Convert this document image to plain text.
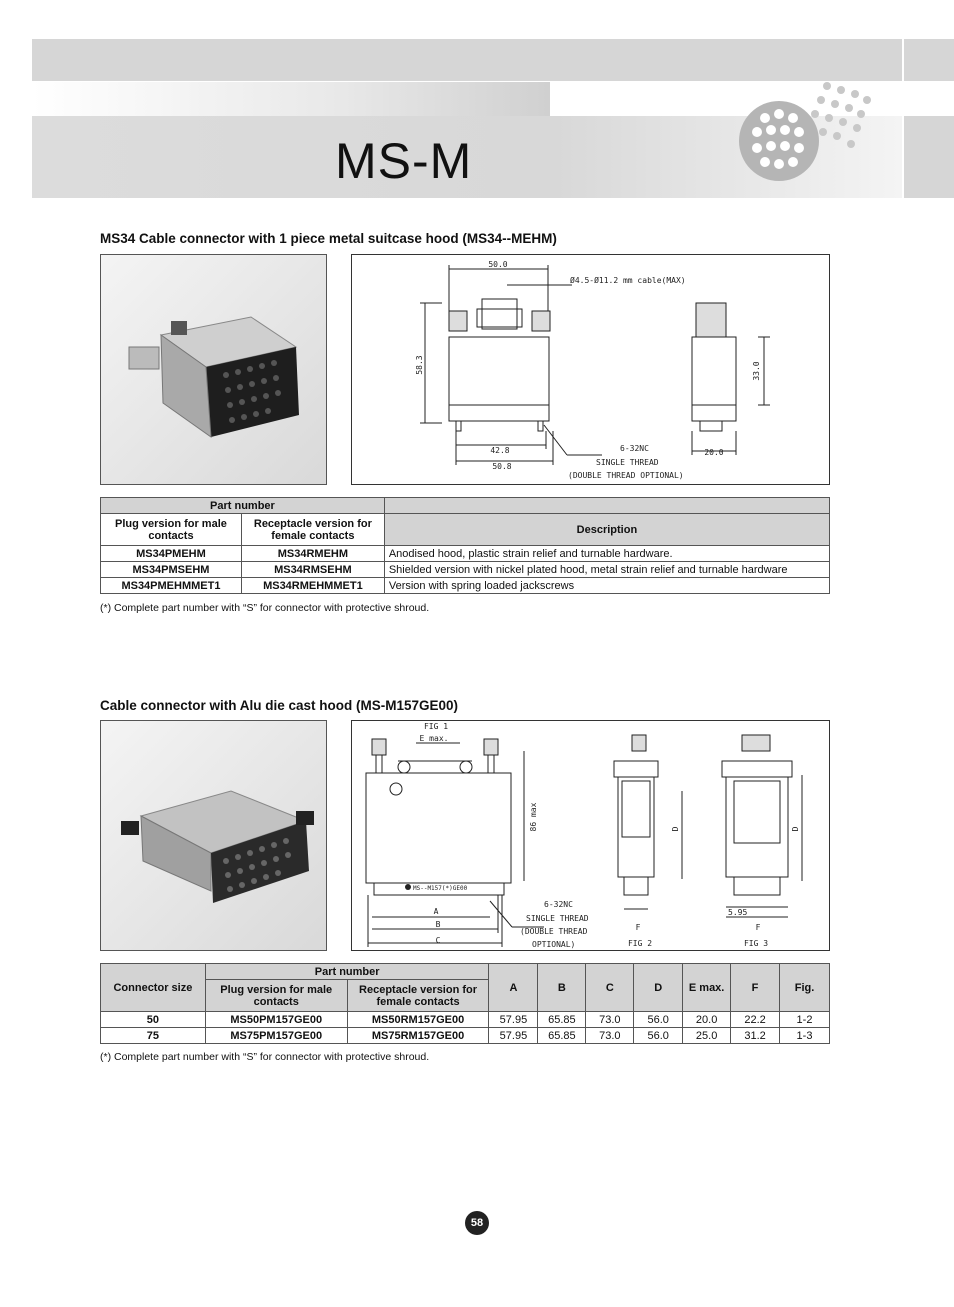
MS-M
MS34 Cable connector with 1 piece metal suitcase hood (MS34--MEHM)
50.0
Ø4.5-Ø11.2 mm cable(MAX)
58.3	33.0
42.8
50.8
20.0
6-32NC
SINGLE THREAD
(DOUBLE THREAD OPTIONAL)
Part number		
Plug version for male contacts	Receptacle version for female contacts	Description
MS34PMEHM	MS34RMEHM	Anodised hood, plastic strain relief and turnable hardware.
MS34PMSEHM	MS34RMSEHM	Shielded version with nickel plated hood, metal strain relief and turnable hardware
MS34PMEHMMET1	MS34RMEHMMET1	Version with spring loaded jackscrews
(*) Complete part number with “S” for connector with protective shroud.
Cable connector with Alu die cast hood (MS-M157GE00)
FIG 1
E max.
86 max
MS--M157(*)GE00
A
B
C
6-32NC
SINGLE THREAD
(DOUBLE THREAD
OPTIONAL)
D	D
F	F
5.95
FIG 2	FIG 3
Connector size	Part number		A	B	C	D	E max.	F	Fig.
	Plug version for male contacts	Receptacle version for female contacts							
50	MS50PM157GE00	MS50RM157GE00	57.95	65.85	73.0	56.0	20.0	22.2	1-2
75	MS75PM157GE00	MS75RM157GE00	57.95	65.85	73.0	56.0	25.0	31.2	1-3
(*) Complete part number with “S” for connector with protective shroud.
58
